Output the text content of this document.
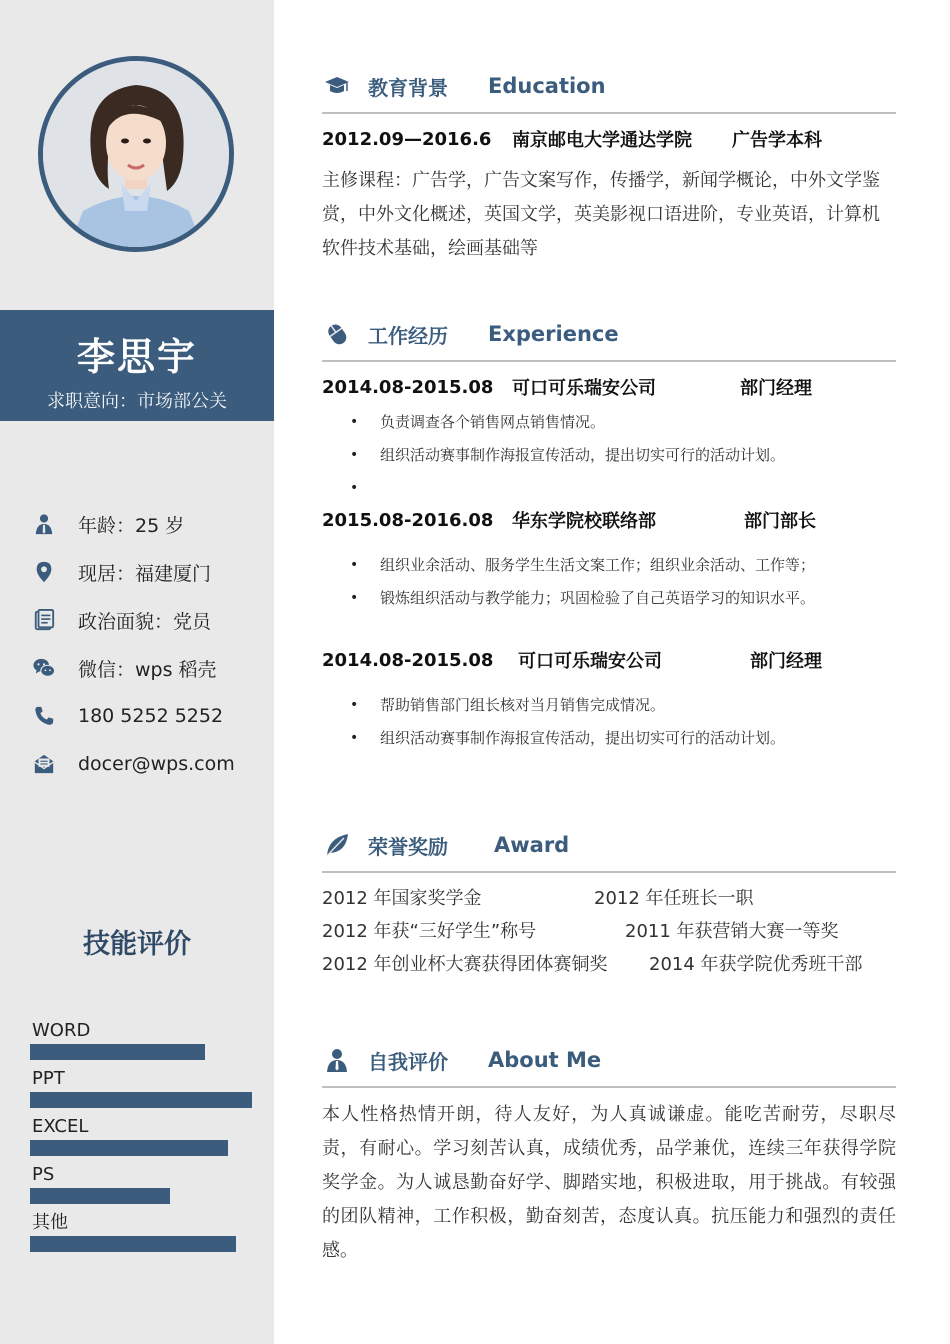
李思宇
求职意向：市场部公关
年龄：25 岁
现居：福建厦门
政治面貌：党员
微信：wps 稻壳
180 5252 5252
docer@wps.com
技能评价
WORD
PPT
EXCEL
PS
其他
教育背景	Education
2012.09—2016.6	南京邮电大学通达学院	广告学本科
主修课程：广告学，广告文案写作，传播学，新闻学概论，中外文学鉴赏，中外文化概述，英国文学，英美影视口语进阶，专业英语，计算机软件技术基础，绘画基础等
工作经历	Experience
2014.08-2015.08	可口可乐瑞安公司	部门经理
• 负责调查各个销售网点销售情况。
• 组织活动赛事制作海报宣传活动，提出切实可行的活动计划。
•
2015.08-2016.08	华东学院校联络部	部门部长
• 组织业余活动、服务学生生活文案工作；组织业余活动、工作等；
• 锻炼组织活动与教学能力；巩固检验了自己英语学习的知识水平。
2014.08-2015.08	可口可乐瑞安公司	部门经理
• 帮助销售部门组长核对当月销售完成情况。
• 组织活动赛事制作海报宣传活动，提出切实可行的活动计划。
荣誉奖励	Award
2012 年国家奖学金	2012 年任班长一职
2012 年获“三好学生”称号	2011 年获营销大赛一等奖
2012 年创业杯大赛获得团体赛铜奖 2014 年获学院优秀班干部
自我评价	About Me
本人性格热情开朗，待人友好，为人真诚谦虚。能吃苦耐劳，尽职尽责，有耐心。学习刻苦认真，成绩优秀，品学兼优，连续三年获得学院奖学金。为人诚恳勤奋好学、脚踏实地，积极进取，用于挑战。有较强的团队精神，工作积极，勤奋刻苦，态度认真。抗压能力和强烈的责任感。
